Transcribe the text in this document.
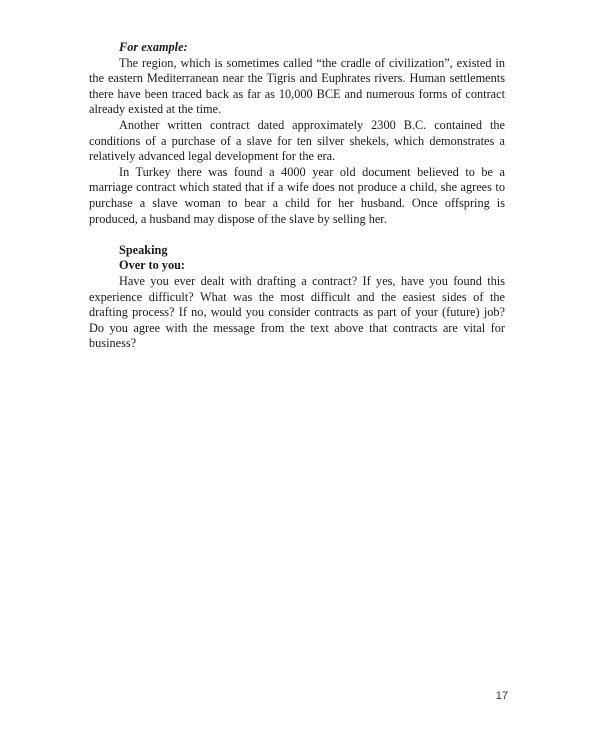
For example:

The region, which is sometimes called “the cradle of civilization”, existed in the eastern Mediterranean near the Tigris and Euphrates rivers. Human settlements there have been traced back as far as 10,000 BCE and numerous forms of contract already existed at the time.

Another written contract dated approximately 2300 B.C. contained the conditions of a purchase of a slave for ten silver shekels, which demonstrates a relatively advanced legal development for the era.

In Turkey there was found a 4000 year old document believed to be a marriage contract which stated that if a wife does not produce a child, she agrees to purchase a slave woman to bear a child for her husband. Once offspring is produced, a husband may dispose of the slave by selling her.

Speaking

Over to you:

Have you ever dealt with drafting a contract? If yes, have you found this experience difficult? What was the most difficult and the easiest sides of the drafting process? If no, would you consider contracts as part of your (future) job? Do you agree with the message from the text above that contracts are vital for business?

17
